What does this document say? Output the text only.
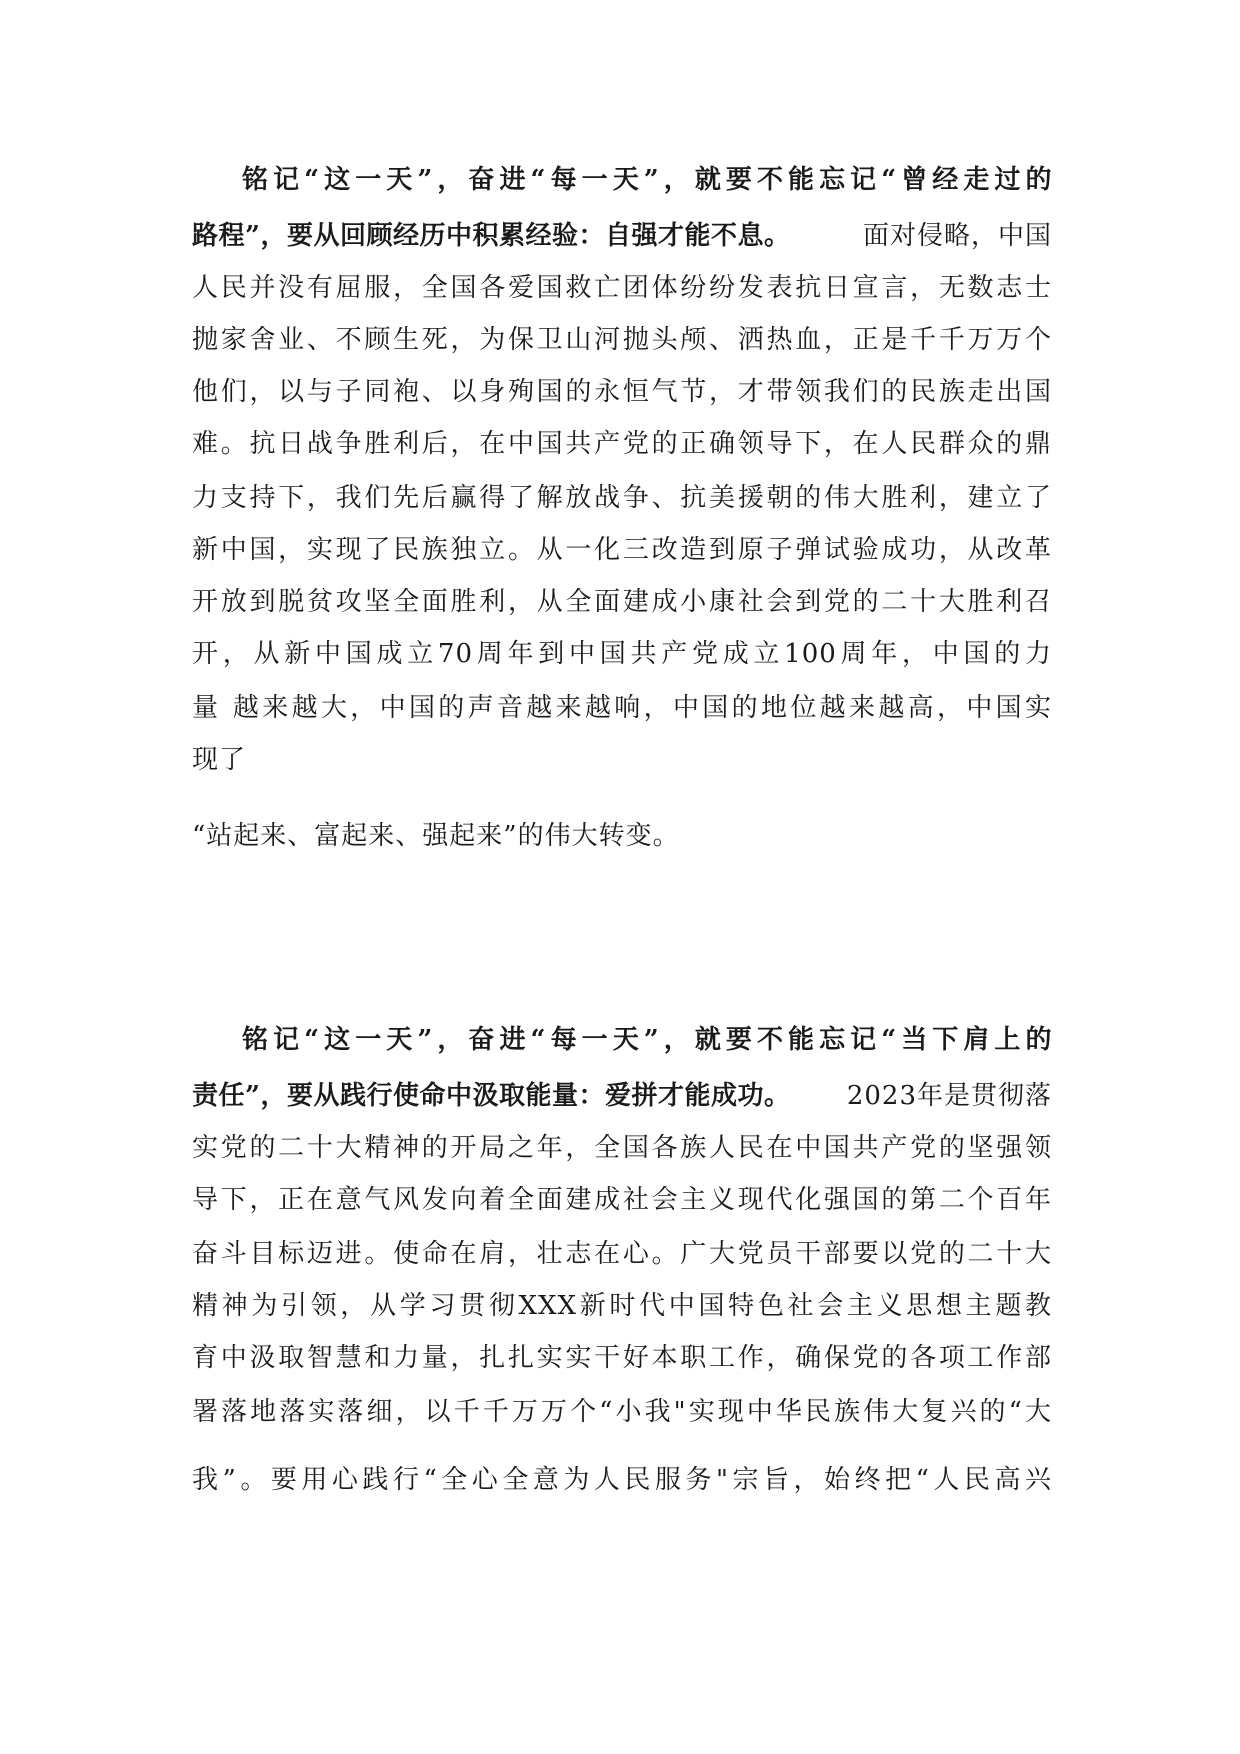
铭记“这一天”，奋进“每一天”，就要不能忘记“曾经走过的
路程”，要从回顾经历中积累经验：自强才能不息。	面对侵略，中国
人民并没有屈服，全国各爱国救亡团体纷纷发表抗日宣言，无数志士
抛家舍业、不顾生死，为保卫山河抛头颅、洒热血，正是千千万万个
他们，以与子同袍、以身殉国的永恒气节，才带领我们的民族走出国
难。抗日战争胜利后，在中国共产党的正确领导下，在人民群众的鼎
力支持下，我们先后赢得了解放战争、抗美援朝的伟大胜利，建立了
新中国，实现了民族独立。从一化三改造到原子弹试验成功，从改革
开放到脱贫攻坚全面胜利，从全面建成小康社会到党的二十大胜利召
开，从新中国成立70周年到中国共产党成立100周年，中国的力
量 越来越大，中国的声音越来越响，中国的地位越来越高，中国实
现了
“站起来、富起来、强起来”的伟大转变。
铭记“这一天”，奋进“每一天”，就要不能忘记“当下肩上的
责任”，要从践行使命中汲取能量：爱拼才能成功。 2023年是贯彻落
实党的二十大精神的开局之年，全国各族人民在中国共产党的坚强领
导下，正在意气风发向着全面建成社会主义现代化强国的第二个百年
奋斗目标迈进。使命在肩，壮志在心。广大党员干部要以党的二十大
精神为引领，从学习贯彻XXX新时代中国特色社会主义思想主题教
育中汲取智慧和力量，扎扎实实干好本职工作，确保党的各项工作部
署落地落实落细，以千千万万个“小我"实现中华民族伟大复兴的“大
我”。要用心践行“全心全意为人民服务"宗旨，始终把“人民高兴
